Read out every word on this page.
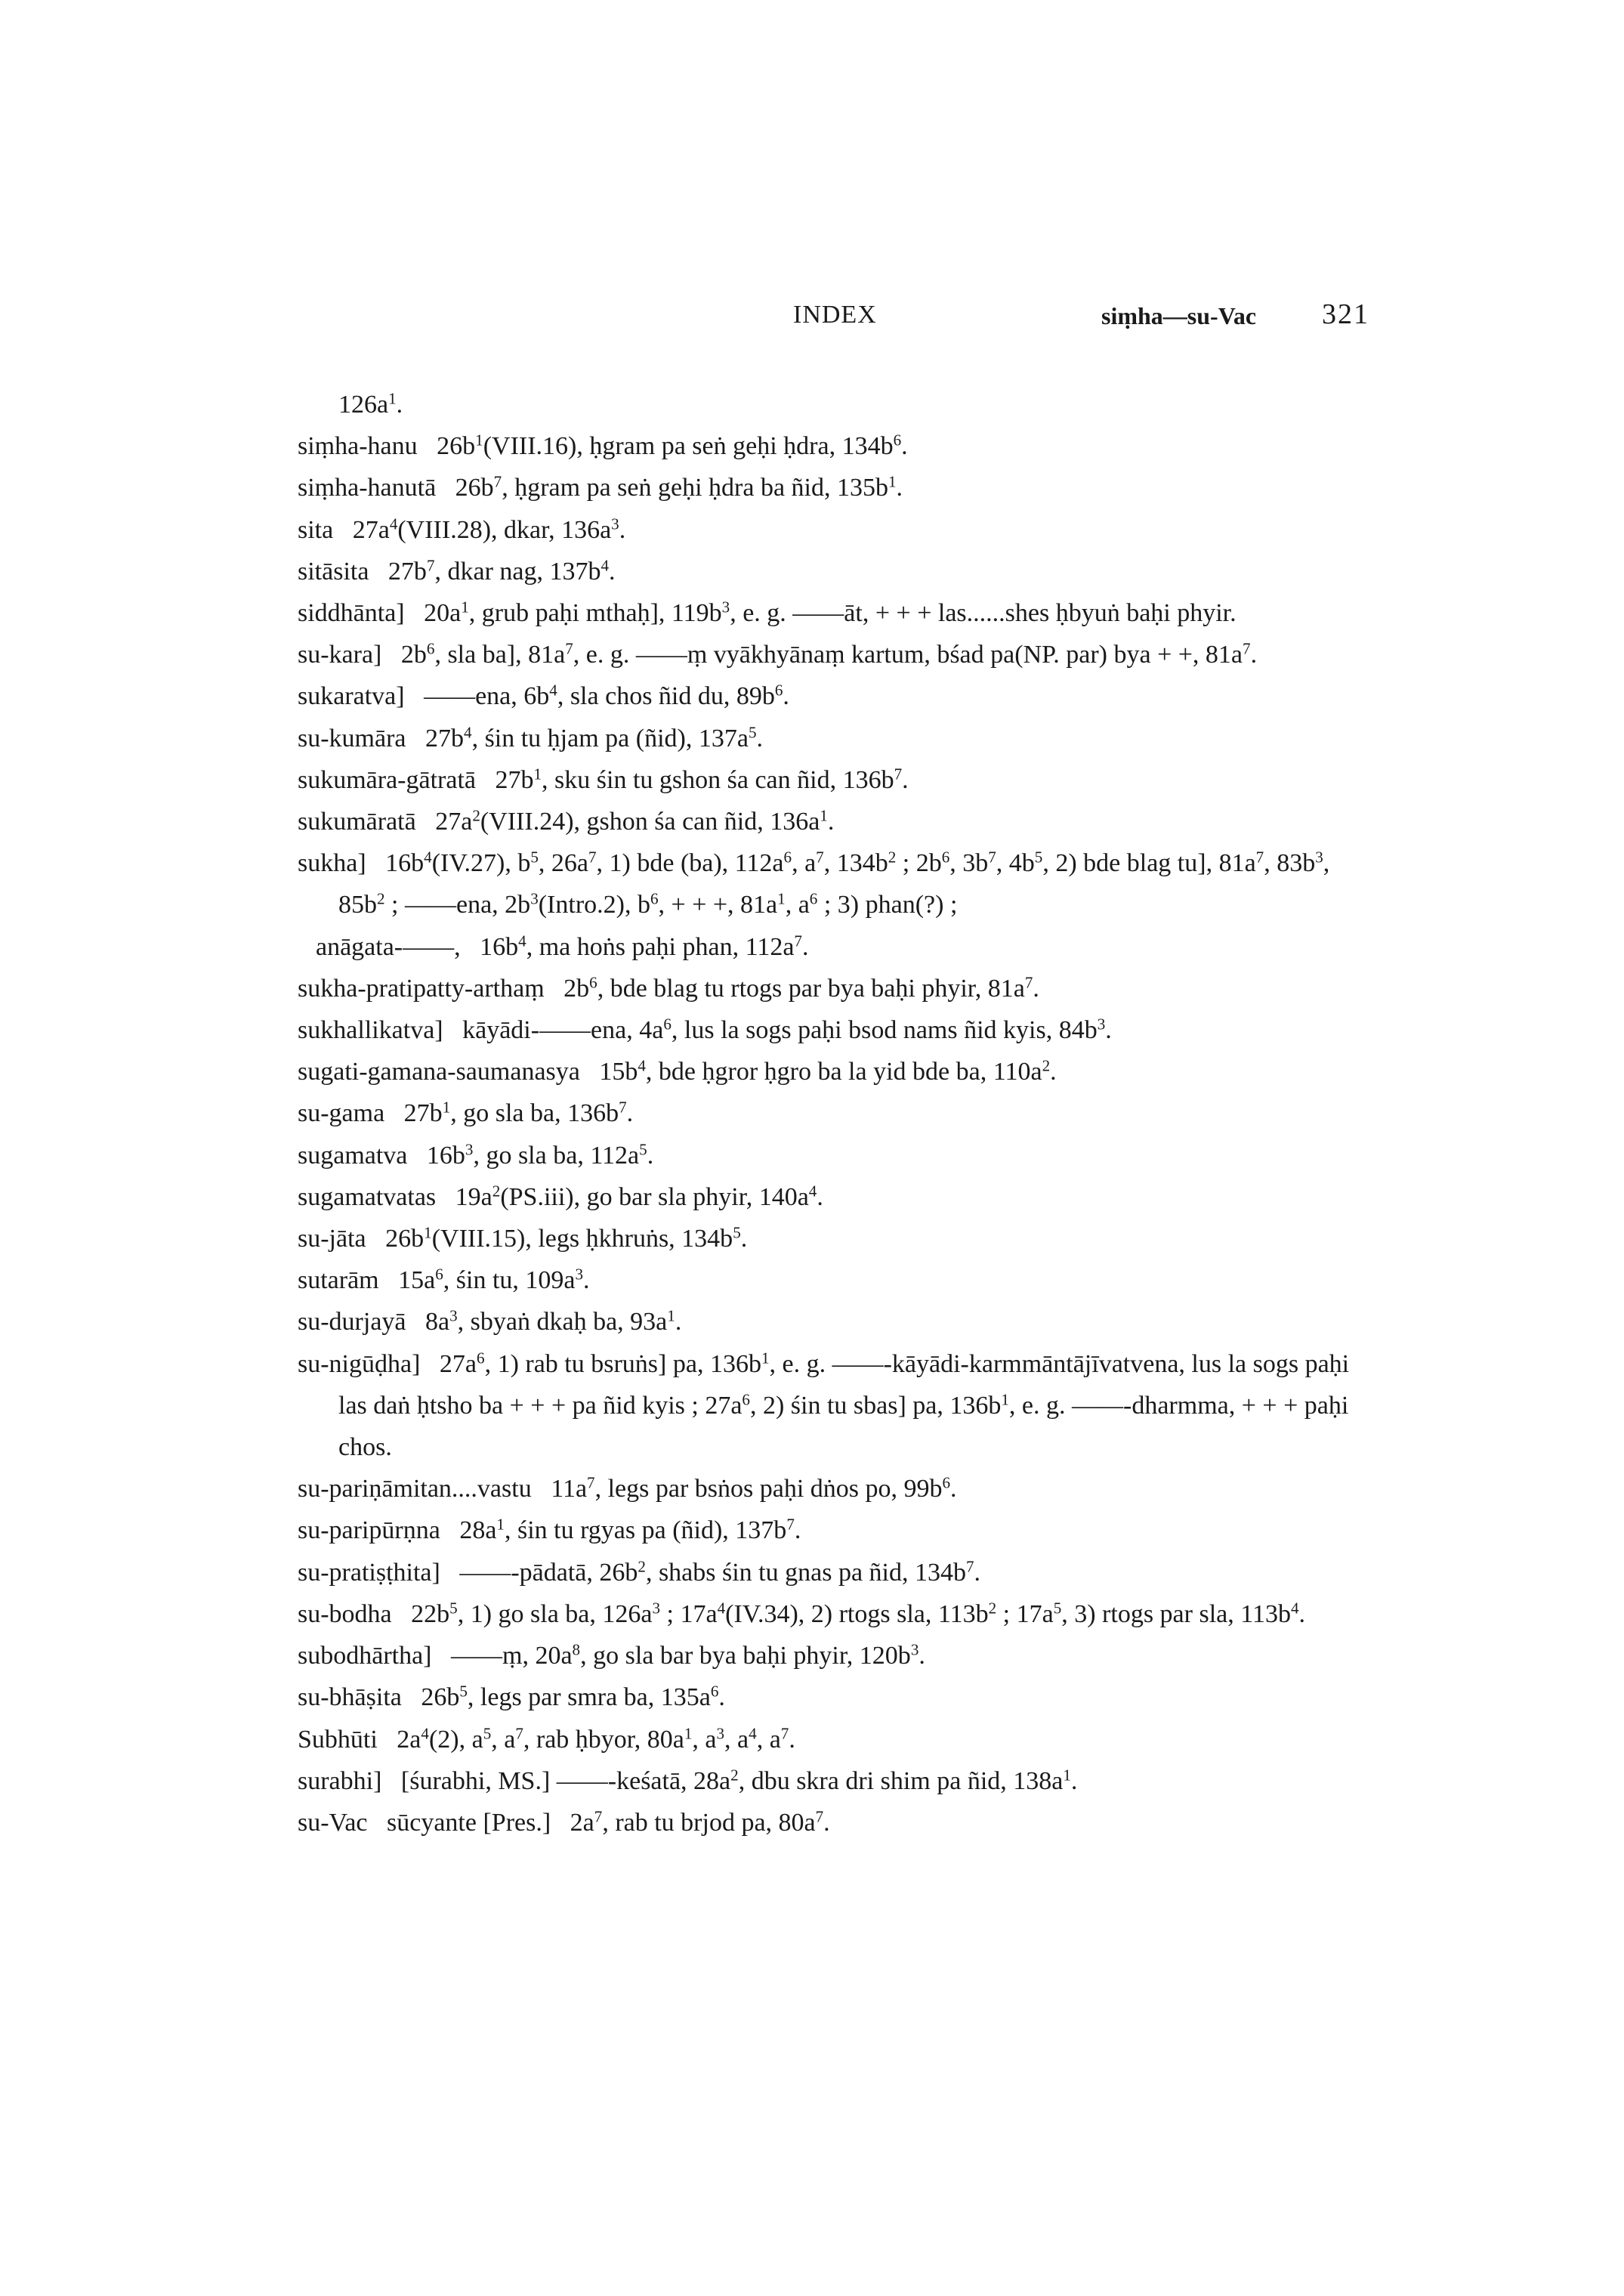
INDEX	siṃha—su-Vac 321

$126a^1$.

siṃha-hanu   $26b^1(VIII.16)$, ḥgram pa seṅ geḥi ḥdra, $134b^6$.

siṃha-hanutā   $26b^7$, ḥgram pa seṅ geḥi ḥdra ba ñid, $135b^1$.

sita   $27a^4(VIII.28)$, dkar, $136a^3$.

sitāsita   $27b^7$, dkar nag, $137b^4$.

siddhānta]   $20a^1$, grub paḥi mthaḥ], $119b^3$, e. g. ——āt, + + + las......shes ḥbyuṅ baḥi phyir.

su-kara]   $2b^6$, sla ba], $81a^7$, e. g. ——ṃ vyākhyānaṃ kartum, bśad pa(NP. par) bya + +, $81a^7$.

sukaratva]   ——ena, $6b^4$, sla chos ñid du, $89b^6$.

su-kumāra   $27b^4$, śin tu ḥjam pa (ñid), $137a^5$.

sukumāra-gātratā   $27b^1$, sku śin tu gshon śa can ñid, $136b^7$.

sukumāratā   $27a^2(VIII.24)$, gshon śa can ñid, $136a^1$.

sukha]   $16b^4(IV.27)$, $b^5$, $26a^7$, 1) bde (ba), $112a^6$, $a^7$, $134b^2$ ; $2b^6$, $3b^7$, $4b^5$, 2) bde blag tu], $81a^7$, $83b^3$, $85b^2$ ; ——ena, $2b^3(Intro.2)$, $b^6$, + + +, $81a^1$, $a^6$ ; 3) phan(?) ;

anāgata-——,   $16b^4$, ma hoṅs paḥi phan, $112a^7$.

sukha-pratipatty-arthaṃ   $2b^6$, bde blag tu rtogs par bya baḥi phyir, $81a^7$.

sukhallikatva]   kāyādi-——ena, $4a^6$, lus la sogs paḥi bsod nams ñid kyis, $84b^3$.

sugati-gamana-saumanasya   $15b^4$, bde ḥgror ḥgro ba la yid bde ba, $110a^2$.

su-gama   $27b^1$, go sla ba, $136b^7$.

sugamatva   $16b^3$, go sla ba, $112a^5$.

sugamatvatas   $19a^2(PS.iii)$, go bar sla phyir, $140a^4$.

su-jāta   $26b^1(VIII.15)$, legs ḥkhruṅs, $134b^5$.

sutarām   $15a^6$, śin tu, $109a^3$.

su-durjayā   $8a^3$, sbyaṅ dkaḥ ba, $93a^1$.

su-nigūḍha]   $27a^6$, 1) rab tu bsruṅs] pa, $136b^1$, e. g. ——-kāyādi-karmmāntājīvatvena, lus la sogs paḥi las daṅ ḥtsho ba + + + pa ñid kyis ; $27a^6$, 2) śin tu sbas] pa, $136b^1$, e. g. ——-dharmma, + + + paḥi chos.

su-pariṇāmitan....vastu   $11a^7$, legs par bsṅos paḥi dṅos po, $99b^6$.

su-paripūrṇna   $28a^1$, śin tu rgyas pa (ñid), $137b^7$.

su-pratiṣṭhita]   ——-pādatā, $26b^2$, shabs śin tu gnas pa ñid, $134b^7$.

su-bodha   $22b^5$, 1) go sla ba, $126a^3$ ; $17a^4(IV.34)$, 2) rtogs sla, $113b^2$ ; $17a^5$, 3) rtogs par sla, $113b^4$.

subodhārtha]   ——ṃ, $20a^8$, go sla bar bya baḥi phyir, $120b^3$.

su-bhāṣita   $26b^5$, legs par smra ba, $135a^6$.

Subhūti   $2a^4(2)$, $a^5$, $a^7$, rab ḥbyor, $80a^1$, $a^3$, $a^4$, $a^7$.

surabhi]   [śurabhi, MS.] ——-keśatā, $28a^2$, dbu skra dri shim pa ñid, $138a^1$.

su-Vac   sūcyante [Pres.]   $2a^7$, rab tu brjod pa, $80a^7$.
